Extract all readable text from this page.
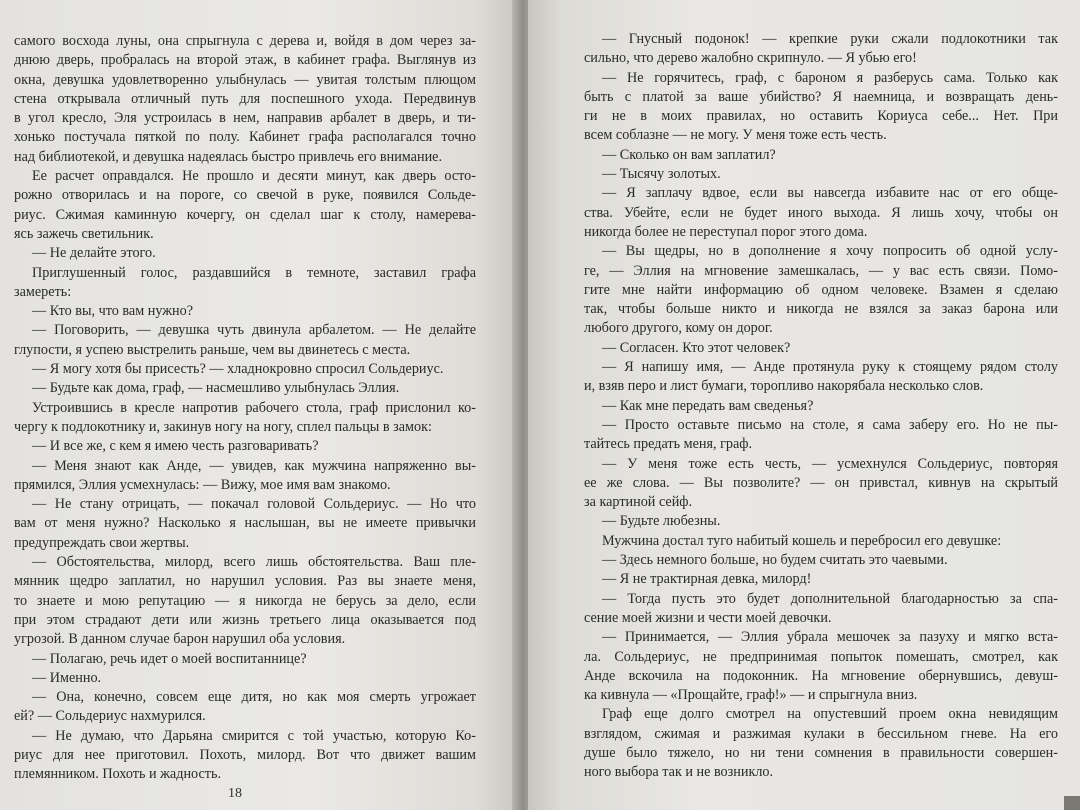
самого восхода луны, она спрыгнула с дерева и, войдя в дом через за-

днюю дверь, пробралась на второй этаж, в кабинет графа. Выглянув из

окна, девушка удовлетворенно улыбнулась — увитая толстым плющом

стена открывала отличный путь для поспешного ухода. Передвинув

в угол кресло, Эля устроилась в нем, направив арбалет в дверь, и ти-

хонько постучала пяткой по полу. Кабинет графа располагался точно

над библиотекой, и девушка надеялась быстро привлечь его внимание.

Ее расчет оправдался. Не прошло и десяти минут, как дверь осто-

рожно отворилась и на пороге, со свечой в руке, появился Сольде-

риус. Сжимая каминную кочергу, он сделал шаг к столу, намерева-

ясь зажечь светильник.

— Не делайте этого.

Приглушенный голос, раздавшийся в темноте, заставил графа

замереть:

— Кто вы, что вам нужно?

— Поговорить, — девушка чуть двинула арбалетом. — Не делайте

глупости, я успею выстрелить раньше, чем вы двинетесь с места.

— Я могу хотя бы присесть? — хладнокровно спросил Сольдериус.

— Будьте как дома, граф, — насмешливо улыбнулась Эллия.

Устроившись в кресле напротив рабочего стола, граф прислонил ко-

чергу к подлокотнику и, закинув ногу на ногу, сплел пальцы в замок:

— И все же, с кем я имею честь разговаривать?

— Меня знают как Анде, — увидев, как мужчина напряженно вы-

прямился, Эллия усмехнулась: — Вижу, мое имя вам знакомо.

— Не стану отрицать, — покачал головой Сольдериус. — Но что

вам от меня нужно? Насколько я наслышан, вы не имеете привычки

предупреждать свои жертвы.

— Обстоятельства, милорд, всего лишь обстоятельства. Ваш пле-

мянник щедро заплатил, но нарушил условия. Раз вы знаете меня,

то знаете и мою репутацию — я никогда не берусь за дело, если

при этом страдают дети или жизнь третьего лица оказывается под

угрозой. В данном случае барон нарушил оба условия.

— Полагаю, речь идет о моей воспитаннице?

— Именно.

— Она, конечно, совсем еще дитя, но как моя смерть угрожает

ей? — Сольдериус нахмурился.

— Не думаю, что Дарьяна смирится с той участью, которую Ко-

риус для нее приготовил. Похоть, милорд. Вот что движет вашим

племянником. Похоть и жадность.

18

— Гнусный подонок! — крепкие руки сжали подлокотники так

сильно, что дерево жалобно скрипнуло. — Я убью его!

— Не горячитесь, граф, с бароном я разберусь сама. Только как

быть с платой за ваше убийство? Я наемница, и возвращать день-

ги не в моих правилах, но оставить Кориуса себе... Нет. При

всем соблазне — не могу. У меня тоже есть честь.

— Сколько он вам заплатил?

— Тысячу золотых.

— Я заплачу вдвое, если вы навсегда избавите нас от его обще-

ства. Убейте, если не будет иного выхода. Я лишь хочу, чтобы он

никогда более не переступал порог этого дома.

— Вы щедры, но в дополнение я хочу попросить об одной услу-

ге, — Эллия на мгновение замешкалась, — у вас есть связи. Помо-

гите мне найти информацию об одном человеке. Взамен я сделаю

так, чтобы больше никто и никогда не взялся за заказ барона или

любого другого, кому он дорог.

— Согласен. Кто этот человек?

— Я напишу имя, — Анде протянула руку к стоящему рядом столу

и, взяв перо и лист бумаги, торопливо накорябала несколько слов.

— Как мне передать вам сведенья?

— Просто оставьте письмо на столе, я сама заберу его. Но не пы-

тайтесь предать меня, граф.

— У меня тоже есть честь, — усмехнулся Сольдериус, повторяя

ее же слова. — Вы позволите? — он привстал, кивнув на скрытый

за картиной сейф.

— Будьте любезны.

Мужчина достал туго набитый кошель и перебросил его девушке:

— Здесь немного больше, но будем считать это чаевыми.

— Я не трактирная девка, милорд!

— Тогда пусть это будет дополнительной благодарностью за спа-

сение моей жизни и чести моей девочки.

— Принимается, — Эллия убрала мешочек за пазуху и мягко вста-

ла. Сольдериус, не предпринимая попыток помешать, смотрел, как

Анде вскочила на подоконник. На мгновение обернувшись, девуш-

ка кивнула — «Прощайте, граф!» — и спрыгнула вниз.

Граф еще долго смотрел на опустевший проем окна невидящим

взглядом, сжимая и разжимая кулаки в бессильном гневе. На его

душе было тяжело, но ни тени сомнения в правильности совершен-

ного выбора так и не возникло.
